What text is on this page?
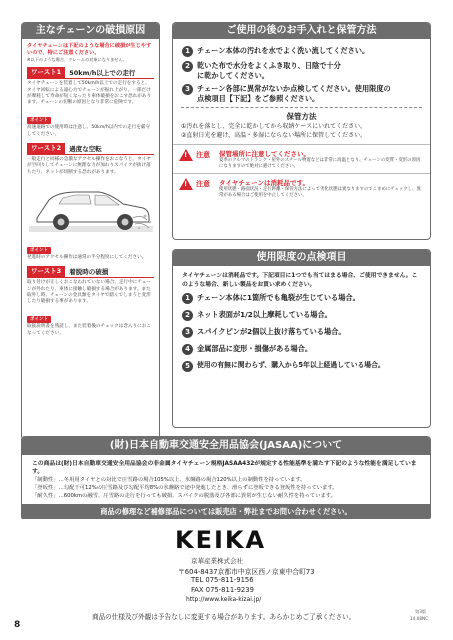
主なチェーンの破損原因
タイヤチェーンは下記のような場合に破損が生じやすいので、特にご注意ください。
※以下のような場合、クレームの対象になりません。
ワースト1	50km/h以上での走行
タイヤチェーンを装着して50km/h以上での走行をすると、タイヤ回転による遠心力でチェーンが振れ上がり、一部だけが摩耗して寿命が短くなったり車体破損をおこす恐れがあります。チェーンの切断の原因となり非常に危険です。
ポイント
高速道路での使用時は注意し、50km/h以内での走行を厳守してください。
ワースト2	過度な空転
一般走行と同様の急激なアクセル操作をおこなうと、タイヤが空回りしてチェーンに無理な力が加わりスパイクが抜け落ちたり、ネットが切断する恐れがあります。
ポイント
発進時のアクセル操作は通常の半分程度にしてください。
ワースト3	着脱時の破損
取り付けが正しくおこなわれていない場合、走行中にチェーンが外れたり、車体に接触し破損する場合があります。また取外し時、チェーンの金具類をタイヤで踏んでしまうと変形したり破損する事があります。
ポイント
取扱説明書を熟読し、また装着後のチェックは念入りにおこなってください。
ご使用の後のお手入れと保管方法
1 チェーン本体の汚れを水でよく洗い流してください。
2 乾いた布で水分をよくふき取り、日陰で十分に乾かしてください。
3 チェーン各部に異常がないか点検してください。使用限度の点検項目【下記】をご参照ください。
保管方法
①汚れを落とし、完全に乾かしてから収納ケースにいれてください。
②直射日光を避け、高温・多湿にならない場所に保管してください。
! 注意 保管場所に注意してください。
夏季のクルマのトランク・屋外のスチール物置などは非常に高温となり、チェーンの変質・変形の原因になりますので絶対に避けてください。
! 注意 タイヤチェーンは消耗品です。
使用状態・路面状況・走行距離・保管方法によって劣化状態は異なりますのでこまめにチェックし、異常がある場合はご使用を中止してください。
使用限度の点検項目
タイヤチェーンは消耗品です。下記項目に1つでも当てはまる場合、ご使用できません。このような場合、新しい製品をお買い求めください。
1 チェーン本体に1箇所でも亀裂が生じている場合。
2 ネット表面が1/2以上摩耗している場合。
3 スパイクピンが2個以上抜け落ちている場合。
4 金属部品に変形・損傷がある場合。
5	使用の有無に関わらず、購入から5年以上経過している場合。
(財)日本自動車交通安全用品協会(JASAA)について
この商品は(財)日本自動車交通安全用品協会の非金属タイヤチェーン規格JASAA432が規定する性能基準を満たす下記のような性能を満足しています。
「制動性」…冬用用タイヤとの対比で圧雪路の場合105%以上、氷盤路の場合120%以上の制動性を持っています。
「登坂性」…勾配千可12%の圧雪路及び勾配平均8%の氷盤路で途中発進したとき、滑らずに登坂できる登坂性を持っています。
「耐久性」…600kmの融雪、圧雪路の走行を行っても破損、スパイクの脱落及び各部に異常が生じない耐久性を持っています。
商品の修理など補修部品については販売店・弊社までお問い合わせください。
KEIKA
京華産業株式会社
〒604-8437京都市中京区西ノ京東中合町73
TEL 075-811-9156
FAX 075-811-9239
http://www.keika-kizai.jp/
8
商品の仕様及び外観は予告なしに変更する場合があります。あらかじめご了承ください。
第3版
14.08NC
